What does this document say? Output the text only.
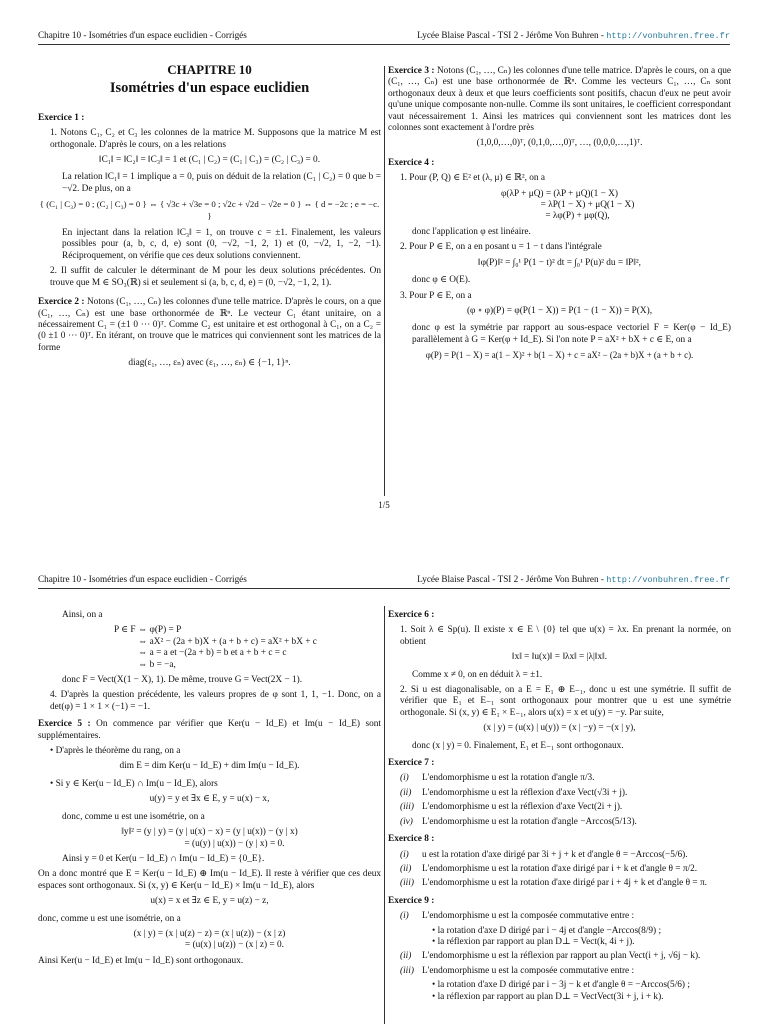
Chapitre 10 - Isométries d'un espace euclidien - Corrigés	Lycée Blaise Pascal - TSI 2 - Jérôme Von Buhren - http://vonbuhren.free.fr
CHAPITRE 10
Isométries d'un espace euclidien

Exercice 1 :

1. Notons C₁, C₂ et C₃ les colonnes de la matrice M. Supposons que la matrice M est orthogonale. D'après le cours, on a les relations

‖C₁‖ = ‖C₂‖ = ‖C₃‖ = 1 et (C₁ | C₂) = (C₁ | C₃) = (C₂ | C₃) = 0.

La relation ‖C₁‖ = 1 implique a = 0, puis on déduit de la relation (C₁ | C₂) = 0 que b = −√2. De plus, on a

{ (C₁ | C₃) = 0 ; (C₂ | C₃) = 0 } ⇔ { √3c + √3e = 0 ; √2c + √2d − √2e = 0 } ⇔ { d = −2c ; e = −c. }

En injectant dans la relation ‖C₃‖ = 1, on trouve c = ±1. Finalement, les valeurs possibles pour (a, b, c, d, e) sont (0, −√2, −1, 2, 1) et (0, −√2, 1, −2, −1). Réciproquement, on vérifie que ces deux solutions conviennent.

2. Il suffit de calculer le déterminant de M pour les deux solutions précédentes. On trouve que M ∈ SO₃(ℝ) si et seulement si (a, b, c, d, e) = (0, −√2, −1, 2, 1).

Exercice 2 : Notons (C₁, …, Cₙ) les colonnes d'une telle matrice. D'après le cours, on a que (C₁, …, Cₙ) est une base orthonormée de ℝⁿ. Le vecteur C₁ étant unitaire, on a nécessairement C₁ = (±1 0 ⋯ 0)ᵀ. Comme C₂ est unitaire et est orthogonal à C₁, on a C₂ = (0 ±1 0 ⋯ 0)ᵀ. En itérant, on trouve que le matrices qui conviennent sont les matrices de la forme

diag(ε₁, …, εₙ) avec (ε₁, …, εₙ) ∈ {−1, 1}ⁿ.

Exercice 3 : Notons (C₁, …, Cₙ) les colonnes d'une telle matrice. D'après le cours, on a que (C₁, …, Cₙ) est une base orthonormée de ℝⁿ. Comme les vecteurs C₁, …, Cₙ sont orthogonaux deux à deux et que leurs coefficients sont positifs, chacun d'eux ne peut avoir qu'une unique composante non-nulle. Comme ils sont unitaires, le coefficient correspondant vaut nécessairement 1. Ainsi les matrices qui conviennent sont les matrices dont les colonnes sont exactement à l'ordre près

(1,0,0,…,0)ᵀ, (0,1,0,…,0)ᵀ, …, (0,0,0,…,1)ᵀ.

Exercice 4 :

1. Pour (P, Q) ∈ E² et (λ, μ) ∈ ℝ², on a

φ(λP + μQ) = (λP + μQ)(1 − X)

= λP(1 − X) + μQ(1 − X)

= λφ(P) + μφ(Q),

donc l'application φ est linéaire.

2. Pour P ∈ E, on a en posant u = 1 − t dans l'intégrale

‖φ(P)‖² = ∫₀¹ P(1 − t)² dt = ∫₀¹ P(u)² du = ‖P‖²,

donc φ ∈ O(E).

3. Pour P ∈ E, on a

(φ ∘ φ)(P) = φ(P(1 − X)) = P(1 − (1 − X)) = P(X),

donc φ est la symétrie par rapport au sous-espace vectoriel F = Ker(φ − Id_E) parallèlement à G = Ker(φ + Id_E). Si l'on note P = aX² + bX + c ∈ E, on a

φ(P) = P(1 − X) = a(1 − X)² + b(1 − X) + c = aX² − (2a + b)X + (a + b + c).

1/5
Chapitre 10 - Isométries d'un espace euclidien - Corrigés	Lycée Blaise Pascal - TSI 2 - Jérôme Von Buhren - http://vonbuhren.free.fr

Ainsi, on a

P ∈ F ⇔ φ(P) = P

⇔ aX² − (2a + b)X + (a + b + c) = aX² + bX + c

⇔ a = a et −(2a + b) = b et a + b + c = c

⇔ b = −a,

donc F = Vect(X(1 − X), 1). De même, trouve G = Vect(2X − 1).

4. D'après la question précédente, les valeurs propres de φ sont 1, 1, −1. Donc, on a det(φ) = 1 × 1 × (−1) = −1.

Exercice 5 : On commence par vérifier que Ker(u − Id_E) et Im(u − Id_E) sont supplémentaires.

• D'après le théorème du rang, on a

dim E = dim Ker(u − Id_E) + dim Im(u − Id_E).

• Si y ∈ Ker(u − Id_E) ∩ Im(u − Id_E), alors

u(y) = y et ∃x ∈ E, y = u(x) − x,

donc, comme u est une isométrie, on a

‖y‖² = (y | y) = (y | u(x) − x) = (y | u(x)) − (y | x)

= (u(y) | u(x)) − (y | x) = 0.

Ainsi y = 0 et Ker(u − Id_E) ∩ Im(u − Id_E) = {0_E}.

On a donc montré que E = Ker(u − Id_E) ⊕ Im(u − Id_E). Il reste à vérifier que ces deux espaces sont orthogonaux. Si (x, y) ∈ Ker(u − Id_E) × Im(u − Id_E), alors

u(x) = x et ∃z ∈ E, y = u(z) − z,

donc, comme u est une isométrie, on a

(x | y) = (x | u(z) − z) = (x | u(z)) − (x | z)

= (u(x) | u(z)) − (x | z) = 0.

Ainsi Ker(u − Id_E) et Im(u − Id_E) sont orthogonaux.

Exercice 6 :

1. Soit λ ∈ Sp(u). Il existe x ∈ E \ {0} tel que u(x) = λx. En prenant la normée, on obtient

‖x‖ = ‖u(x)‖ = ‖λx‖ = |λ|‖x‖.

Comme x ≠ 0, on en déduit λ = ±1.

2. Si u est diagonalisable, on a E = E₁ ⊕ E₋₁, donc u est une symétrie. Il suffit de vérifier que E₁ et E₋₁ sont orthogonaux pour montrer que u est une symétrie orthogonale. Si (x, y) ∈ E₁ × E₋₁, alors u(x) = x et u(y) = −y. Par suite,

(x | y) = (u(x) | u(y)) = (x | −y) = −(x | y),

donc (x | y) = 0. Finalement, E₁ et E₋₁ sont orthogonaux.

Exercice 7 :

(i) L'endomorphisme u est la rotation d'angle π/3.
(ii) L'endomorphisme u est la réflexion d'axe Vect(√3i + j).
(iii) L'endomorphisme u est la réflexion d'axe Vect(2i + j).
(iv) L'endomorphisme u est la rotation d'angle −Arccos(5/13).

Exercice 8 :

(i) u est la rotation d'axe dirigé par 3i + j + k et d'angle θ = −Arccos(−5/6).
(ii) L'endomorphisme u est la rotation d'axe dirigé par i + k et d'angle θ = π/2.
(iii) L'endomorphisme u est la rotation d'axe dirigé par i + 4j + k et d'angle θ = π.

Exercice 9 :

(i) L'endomorphisme u est la composée commutative entre :
• la rotation d'axe D dirigé par i − 4j et d'angle −Arccos(8/9) ;
• la réflexion par rapport au plan D⊥ = Vect(k, 4i + j).
(ii) L'endomorphisme u est la réflexion par rapport au plan Vect(i + j, √6j − k).
(iii) L'endomorphisme u est la composée commutative entre :
• la rotation d'axe D dirigé par i − 3j − k et d'angle θ = −Arccos(5/6) ;
• la réflexion par rapport au plan D⊥ = VectVect(3i + j, i + k).
